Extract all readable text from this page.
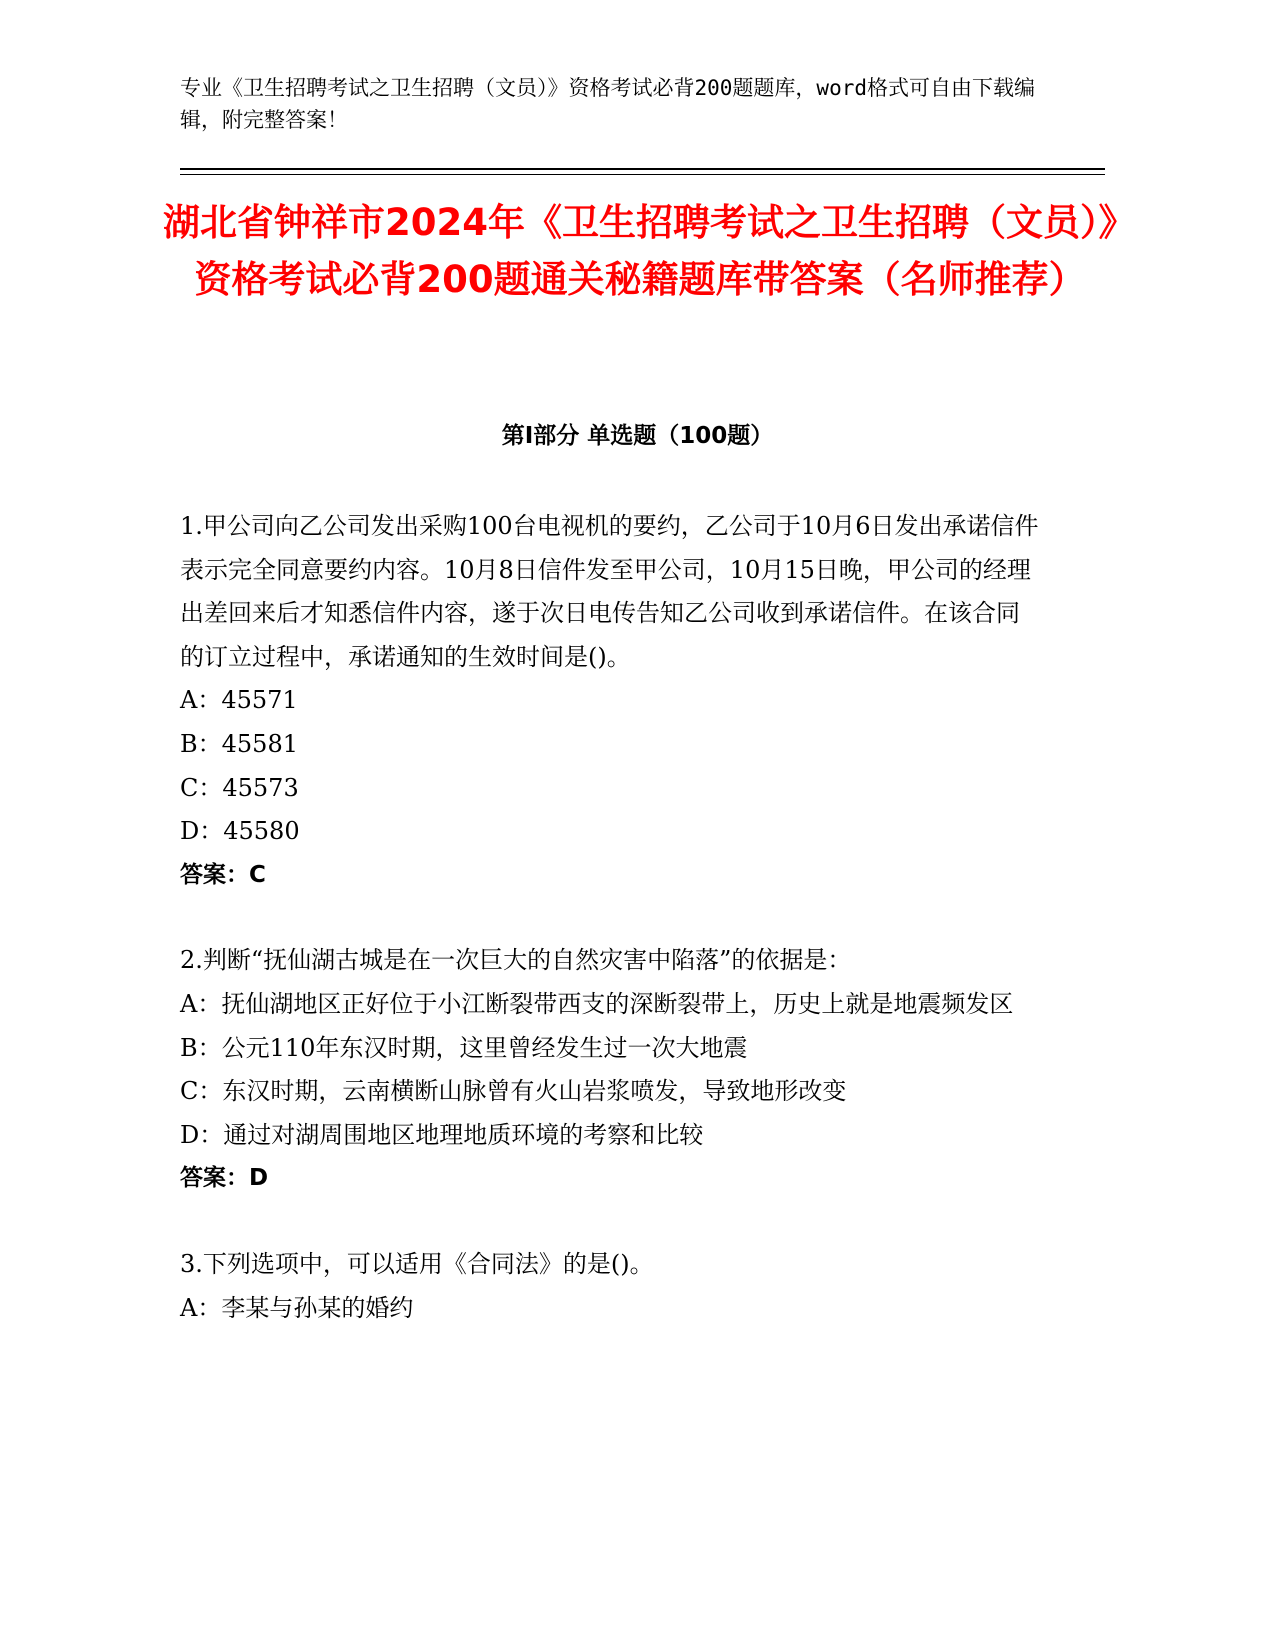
专业《卫生招聘考试之卫生招聘（文员）》资格考试必背200题题库，word格式可自由下载编辑，附完整答案！
湖北省钟祥市2024年《卫生招聘考试之卫生招聘（文员）》资格考试必背200题通关秘籍题库带答案（名师推荐）
第Ⅰ部分 单选题（100题）

1.甲公司向乙公司发出采购100台电视机的要约，乙公司于10月6日发出承诺信件表示完全同意要约内容。10月8日信件发至甲公司，10月15日晚，甲公司的经理出差回来后才知悉信件内容，遂于次日电传告知乙公司收到承诺信件。在该合同的订立过程中，承诺通知的生效时间是()。

A：45571

B：45581

C：45573

D：45580

答案：C

2.判断“抚仙湖古城是在一次巨大的自然灾害中陷落”的依据是：

A：抚仙湖地区正好位于小江断裂带西支的深断裂带上，历史上就是地震频发区

B：公元110年东汉时期，这里曾经发生过一次大地震

C：东汉时期，云南横断山脉曾有火山岩浆喷发，导致地形改变

D：通过对湖周围地区地理地质环境的考察和比较

答案：D

3.下列选项中，可以适用《合同法》的是()。

A：李某与孙某的婚约
